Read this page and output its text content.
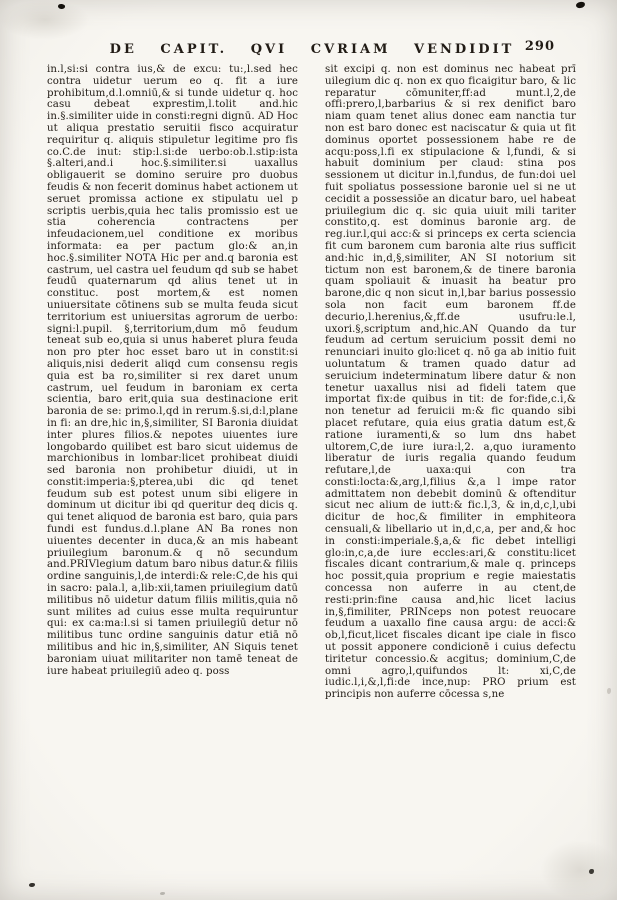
DE CAPIT. QVI CVRIAM VENDIDIT 290
in.l,si:si contra ius,& de excu: tu:,l.sed hec contra uidetur uerum eo q. fit a iure prohibitum,d.l.omniū,& si tunde uidetur q. hoc casu debeat exprestim,l.tolit and.hic in.§.similiter uide in consti:regni dignū. AD Hoc ut aliqua prestatio seruitii fisco acquiratur requiritur q. aliquis stipuletur legitime pro fis co.C.de inut: stip:l.si:de uerbo:ob.l.stip:ista §.alteri,and.i hoc.§.similiter.si uaxallus obligauerit se domino seruire pro duobus feudis & non fecerit dominus habet actionem ut seruet promissa actione ex stipulatu uel p scriptis uerbis,quia hec talis promissio est ue stia coherencia contractens per infeudacionem,uel conditione ex moribus informata: ea per pactum glo:& an,in hoc.§.similiter NOTA Hic per and.q baronia est castrum, uel castra uel feudum qd sub se habet feudū quaternarum qd alius tenet ut in constituc. post mortem,& est nomen uniuersitate cōtinens sub se multa feuda sicut territorium est uniuersitas agrorum de uerbo: signi:l.pupil. §,territorium,dum mō feudum teneat sub eo,quia si unus haberet plura feuda non pro pter hoc esset baro ut in constit:si aliquis,nisi dederit aliqd cum consensu regis quia est ba ro,similiter si rex daret unum castrum, uel feudum in baroniam ex certa scientia, baro erit,quia sua destinacione erit baronia de se: primo.l,qd in rerum.§.si,d:l,plane in fi: an dre,hic in,§,similiter, SI Baronia diuidat inter plures filios.& nepotes uiuentes iure longobardo quilibet est baro sicut uidemus de marchionibus in lombar:licet prohibeat diuidi sed baronia non prohibetur diuidi, ut in constit:imperia:§,pterea,ubi dic qd tenet feudum sub est potest unum sibi eligere in dominum ut dicitur ibi qd queritur deq dicis q. qui tenet aliquod de baronia est baro, quia pars fundi est fundus.d.l.plane AN Ba rones non uiuentes decenter in duca,& an mis habeant priuilegium baronum.& q nō secundum and.PRIVlegium datum baro nibus datur.& filiis ordine sanguinis,l,de interdi:& rele:C,de his qui in sacro: pala.l, a,lib:xii,tamen priuilegium datū militibus nō uidetur datum filiis militis,quia nō sunt milites ad cuius esse multa requiruntur qui: ex ca:ma:l.si si tamen priuilegiū detur nō militibus tunc ordine sanguinis datur etiā nō militibus and hic in,§,similiter, AN Siquis tenet baroniam uiuat militariter non tamē teneat de iure habeat priuilegiū adeo q. poss
sit excipi q. non est dominus nec habeat prī uilegium dic q. non ex quo ficaigitur baro, & lic reparatur cōmuniter,ff:ad munt.l,2,de offi:prero,l,barbarius & si rex denifict baro niam quam tenet alius donec eam nanctia tur non est baro donec est naciscatur & quia ut fit dominus oportet possessionem habe re de acqu:poss,l.fi ex stipulacione & l,fundi, & si habuit dominium per claud: stina pos sessionem ut dicitur in.l,fundus, de fun:doi uel fuit spoliatus possessione baronie uel si ne ut cecidit a possessiōe an dicatur baro, uel habeat priuilegium dic q. sic quia uiuit mili tariter constito,q. est dominus baronie arg. de reg.iur.l,qui acc:& si princeps ex certa sciencia fit cum baronem cum baronia alte rius sufficit and:hic in,d,§,similiter, AN SI notorium sit tictum non est baronem,& de tinere baronia quam spoliauit & inuasit ha beatur pro barone,dic q non sicut in,l,bar barius possessio sola non facit eum baronem ff.de decurio,l.herenius,&,ff.de usufru:le.l, uxori.§,scriptum and,hic.AN Quando da tur feudum ad certum seruicium possit demi no renunciari inuito glo:licet q. nō ga ab initio fuit uoluntatum & tramen quado datur ad seruicium indeterminatum libere datur & non tenetur uaxallus nisi ad fideli tatem que importat fix:de quibus in tit: de for:fide,c.i,& non tenetur ad feruicii m:& fic quando sibi placet refutare, quia eius gratia datum est,& ratione iuramenti,& so lum dns habet ultorem,C,de iure iura:l,2. a,quo iuramento liberatur de iuris regalia quando feudum refutare,l,de uaxa:qui con tra consti:locta:&,arg,l,filius &,a l impe rator admittatem non debebit dominū & oftenditur sicut nec alium de iutt:& fic.l,3, & in,d,c,l,ubi dicitur de hoc,& fimiliter in emphiteora censuali,& libellario ut in,d,c,a, per and,& hoc in consti:imperiale.§,a,& fic debet intelligi glo:in,c,a,de iure eccles:ari,& constitu:licet fiscales dicant contrarium,& male q. princeps hoc possit,quia proprium e regie maiestatis concessa non auferre in au ctent,de resti:prin:fine causa and,hic licet lacius in,§,fimiliter, PRINceps non potest reuocare feudum a uaxallo fine causa argu: de acci:& ob,l,ficut,licet fiscales dicant ipe ciale in fisco ut possit apponere condicionē i cuius defectu tiritetur concessio.& acgitus; dominium,C,de omni agro,l,quifundos lt: xi,C,de iudic.l,i,&,l,fi:de ince,nup: PRO prium est principis non auferre cōcessa s,ne
